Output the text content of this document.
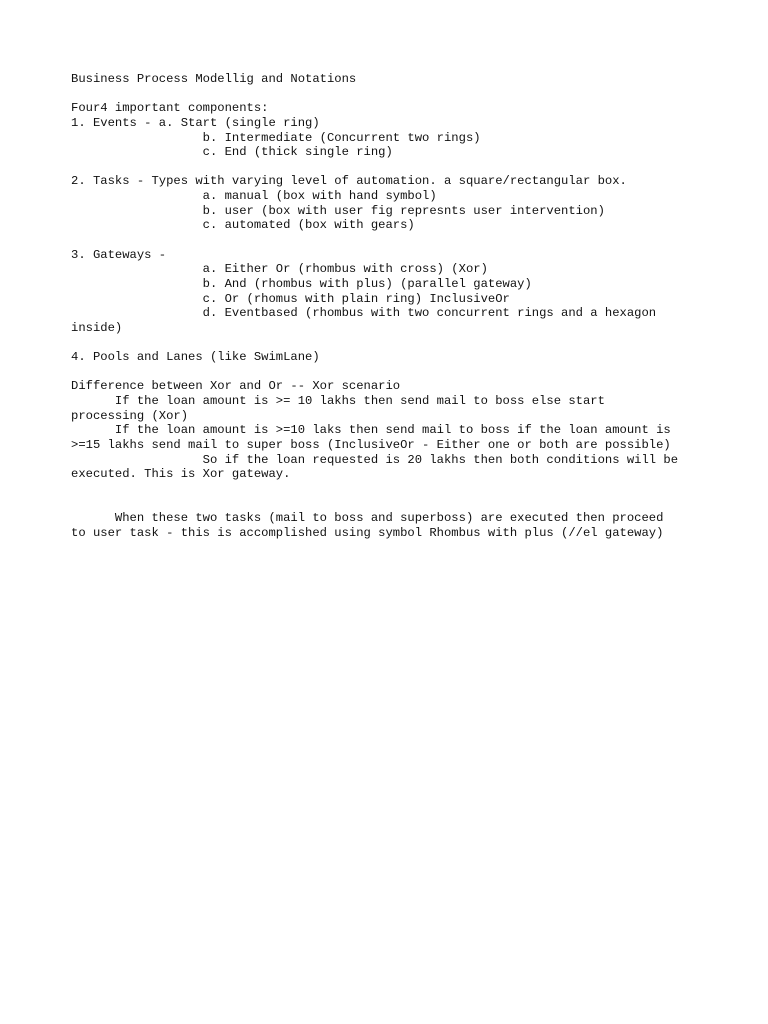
Business Process Modellig and Notations
Four4 important components:
1. Events - a. Start (single ring)
b. Intermediate (Concurrent two rings)
c. End (thick single ring)
2. Tasks - Types with varying level of automation. a square/rectangular box.
a. manual (box with hand symbol)
b. user (box with user fig represnts user intervention)
c. automated (box with gears)
3. Gateways -
a. Either Or (rhombus with cross) (Xor)
b. And (rhombus with plus) (parallel gateway)
c. Or (rhomus with plain ring) InclusiveOr
d. Eventbased (rhombus with two concurrent rings and a hexagon
inside)
4. Pools and Lanes (like SwimLane)
Difference between Xor and Or -- Xor scenario
If the loan amount is >= 10 lakhs then send mail to boss else start
processing (Xor)
If the loan amount is >=10 laks then send mail to boss if the loan amount is
>=15 lakhs send mail to super boss (InclusiveOr - Either one or both are possible)
So if the loan requested is 20 lakhs then both conditions will be
executed. This is Xor gateway.
When these two tasks (mail to boss and superboss) are executed then proceed
to user task - this is accomplished using symbol Rhombus with plus (//el gateway)
